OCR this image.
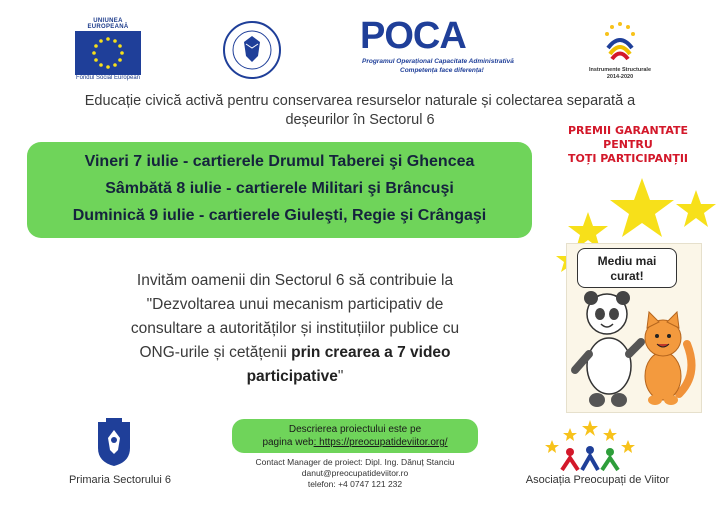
UNIUNEA EUROPEANĂ
Fondul Social European
POCA
Programul Operațional Capacitate Administrativă
Competența face diferența!	Instrumente Structurale
2014-2020
Educație civică activă pentru conservarea resurselor naturale și colectarea separată a
deșeurilor în Sectorul 6
Vineri 7 iulie - cartierele Drumul Taberei şi Ghencea
Sâmbătă 8 iulie - cartierele Militari şi Brâncuşi
Duminică 9 iulie - cartierele Giuleşti, Regie şi Crângaşi
PREMII GARANTATE
PENTRU
TOȚI PARTICIPANȚII
Invităm oamenii din Sectorul 6 să contribuie la
"Dezvoltarea unui mecanism participativ de
consultare a autorităților și instituțiilor publice cu
ONG-urile și cetățenii prin crearea a 7 video
participative"
Mediu mai
curat!
Descrierea proiectului este pe
pagina web: https://preocupatideviitor.org/
Contact Manager de proiect: Dipl. Ing. Dănuț Stanciu
danut@preocupatideviitor.ro
telefon: +4 0747 121 232
Primaria Sectorului 6	Asociația Preocupați de Viitor
